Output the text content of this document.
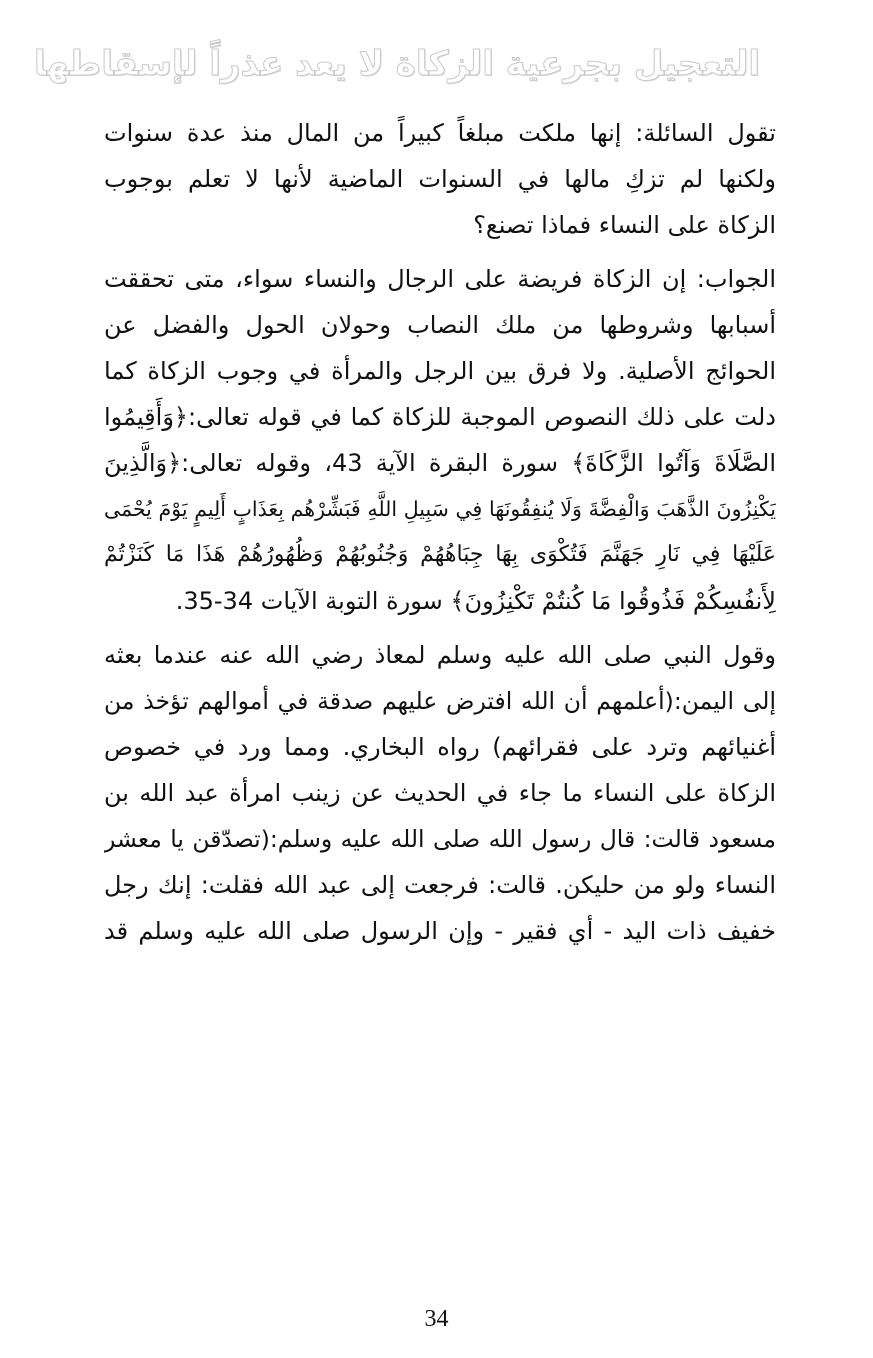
التعجيل بجرعية الزكاة لا يعد عذراً لإسقاطها
تقول السائلة: إنها ملكت مبلغاً كبيراً من المال منذ عدة سنوات
ولكنها لم تزكِ مالها في السنوات الماضية لأنها لا تعلم بوجوب
الزكاة على النساء فماذا تصنع؟
الجواب: إن الزكاة فريضة على الرجال والنساء سواء، متى تحققت
أسبابها وشروطها من ملك النصاب وحولان الحول والفضل عن
الحوائج الأصلية. ولا فرق بين الرجل والمرأة في وجوب الزكاة كما
دلت على ذلك النصوص الموجبة للزكاة كما في قوله تعالى:﴿وَأَقِيمُوا
الصَّلَاةَ وَآتُوا الزَّكَاةَ﴾ سورة البقرة الآية 43، وقوله تعالى:﴿وَالَّذِينَ
يَكْنِزُونَ الذَّهَبَ وَالْفِضَّةَ وَلَا يُنفِقُونَهَا فِي سَبِيلِ اللَّهِ فَبَشِّرْهُم بِعَذَابٍ أَلِيمٍ يَوْمَ يُحْمَى
عَلَيْهَا فِي نَارِ جَهَنَّمَ فَتُكْوَى بِهَا جِبَاهُهُمْ وَجُنُوبُهُمْ وَظُهُورُهُمْ هَذَا مَا كَنَزْتُمْ
لِأَنفُسِكُمْ فَذُوقُوا مَا كُنتُمْ تَكْنِزُونَ﴾ سورة التوبة الآيات 34-35.
وقول النبي صلى الله عليه وسلم لمعاذ رضي الله عنه عندما بعثه
إلى اليمن:(أعلمهم أن الله افترض عليهم صدقة في أموالهم تؤخذ من
أغنيائهم وترد على فقرائهم) رواه البخاري. ومما ورد في خصوص
الزكاة على النساء ما جاء في الحديث عن زينب امرأة عبد الله بن
مسعود قالت: قال رسول الله صلى الله عليه وسلم:(تصدّقن يا معشر
النساء ولو من حليكن. قالت: فرجعت إلى عبد الله فقلت: إنك رجل
خفيف ذات اليد - أي فقير - وإن الرسول صلى الله عليه وسلم قد
34
